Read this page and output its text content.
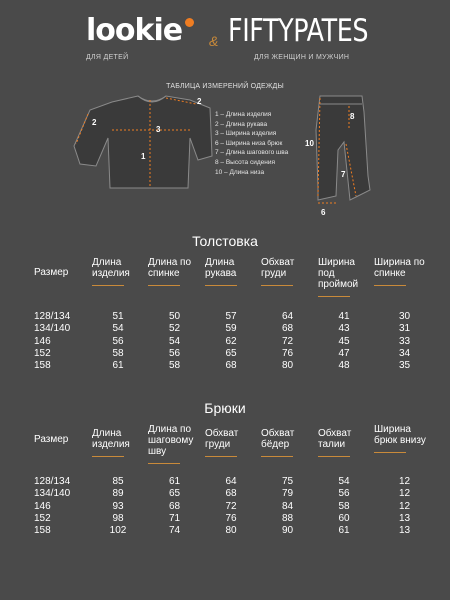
lookie & FIFTYPATES
ДЛЯ ДЕТЕЙ	ДЛЯ ЖЕНЩИН И МУЖЧИН
ТАБЛИЦА ИЗМЕРЕНИЙ ОДЕЖДЫ
2
2
3
1
8
10
7
6
1 – Длина изделия
2 – Длина рукава
3 – Ширина изделия
6 – Ширина низа брюк
7 – Длина шагового шва
8 – Высота сидения
10 – Длина низа
Толстовка
Размер	Длина изделия	Длина по спинке	Длина рукава	Обхват груди	Ширина под проймой	Ширина по спинке

128/134	51	50	57	64	41	30
134/140	54	52	59	68	43	31
146	56	54	62	72	45	33
152	58	56	65	76	47	34
158	61	58	68	80	48	35
Брюки
Размер	Длина изделия	Длина по шаговому шву	Обхват груди	Обхват бёдер	Обхват талии	Ширина брюк внизу

128/134	85	61	64	75	54	12
134/140	89	65	68	79	56	12
146	93	68	72	84	58	12
152	98	71	76	88	60	13
158	102	74	80	90	61	13
